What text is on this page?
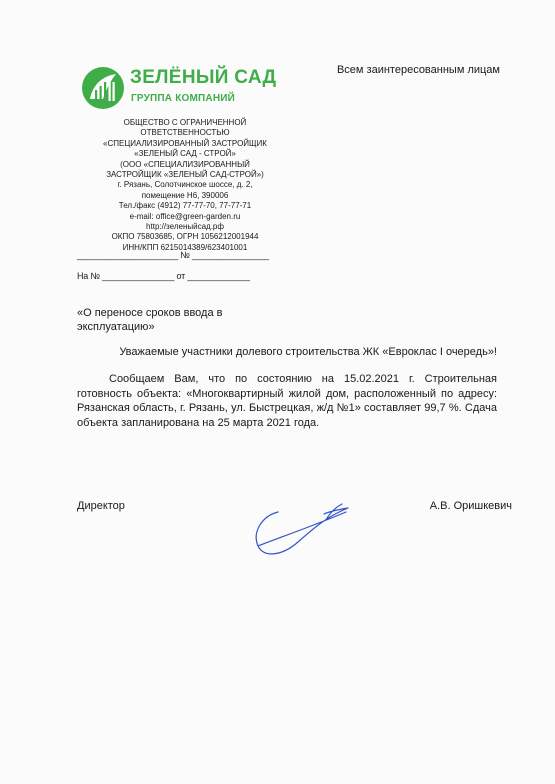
ЗЕЛЁНЫЙ САД
ГРУППА КОМПАНИЙ
Всем заинтересованным лицам
ОБЩЕСТВО С ОГРАНИЧЕННОЙ
ОТВЕТСТВЕННОСТЬЮ
«СПЕЦИАЛИЗИРОВАННЫЙ ЗАСТРОЙЩИК
«ЗЕЛЕНЫЙ САД - СТРОЙ»
(ООО «СПЕЦИАЛИЗИРОВАННЫЙ
ЗАСТРОЙЩИК «ЗЕЛЕНЫЙ САД-СТРОЙ»)
г. Рязань, Солотчинское шоссе, д. 2,
помещение Н6, 390006
Тел./факс (4912) 77-77-70, 77-77-71
e-mail: office@green-garden.ru
http://зеленыйсад.рф
ОКПО 75803685, ОГРН 1056212001944
ИНН/КПП 6215014389/623401001
_____________________ № ________________
На № _______________ от _____________
«О переносе сроков ввода в эксплуатацию»
Уважаемые участники долевого строительства ЖК «Евроклас I очередь»!
Сообщаем Вам, что по состоянию на 15.02.2021 г. Строительная готовность объекта: «Многоквартирный жилой дом, расположенный по адресу: Рязанская область, г. Рязань, ул. Быстрецкая, ж/д №1» составляет 99,7 %. Сдача объекта запланирована на 25 марта 2021 года.
Директор	А.В. Оришкевич
